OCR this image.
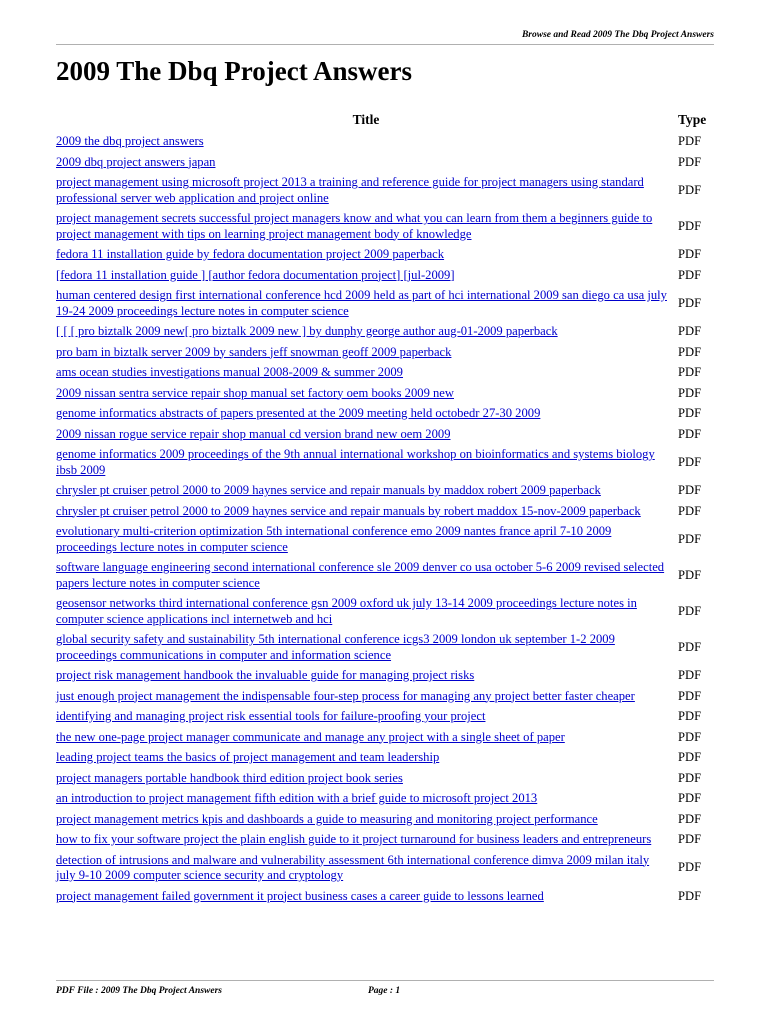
Browse and Read 2009 The Dbq Project Answers
2009 The Dbq Project Answers
Title	Type
2009 the dbq project answers	PDF
2009 dbq project answers japan	PDF
project management using microsoft project 2013 a training and reference guide for project managers using standard professional server web application and project online	PDF
project management secrets successful project managers know and what you can learn from them a beginners guide to project management with tips on learning project management body of knowledge	PDF
fedora 11 installation guide by fedora documentation project 2009 paperback	PDF
[fedora 11 installation guide ] [author fedora documentation project] [jul-2009]	PDF
human centered design first international conference hcd 2009 held as part of hci international 2009 san diego ca usa july 19-24 2009 proceedings lecture notes in computer science	PDF
[ [ [ pro biztalk 2009 new[ pro biztalk 2009 new ] by dunphy george author aug-01-2009 paperback	PDF
pro bam in biztalk server 2009 by sanders jeff snowman geoff 2009 paperback	PDF
ams ocean studies investigations manual 2008-2009 & summer 2009	PDF
2009 nissan sentra service repair shop manual set factory oem books 2009 new	PDF
genome informatics abstracts of papers presented at the 2009 meeting held octobedr 27-30 2009	PDF
2009 nissan rogue service repair shop manual cd version brand new oem 2009	PDF
genome informatics 2009 proceedings of the 9th annual international workshop on bioinformatics and systems biology ibsb 2009	PDF
chrysler pt cruiser petrol 2000 to 2009 haynes service and repair manuals by maddox robert 2009 paperback	PDF
chrysler pt cruiser petrol 2000 to 2009 haynes service and repair manuals by robert maddox 15-nov-2009 paperback	PDF
evolutionary multi-criterion optimization 5th international conference emo 2009 nantes france april 7-10 2009 proceedings lecture notes in computer science	PDF
software language engineering second international conference sle 2009 denver co usa october 5-6 2009 revised selected papers lecture notes in computer science	PDF
geosensor networks third international conference gsn 2009 oxford uk july 13-14 2009 proceedings lecture notes in computer science applications incl internetweb and hci	PDF
global security safety and sustainability 5th international conference icgs3 2009 london uk september 1-2 2009 proceedings communications in computer and information science	PDF
project risk management handbook the invaluable guide for managing project risks	PDF
just enough project management the indispensable four-step process for managing any project better faster cheaper	PDF
identifying and managing project risk essential tools for failure-proofing your project	PDF
the new one-page project manager communicate and manage any project with a single sheet of paper	PDF
leading project teams the basics of project management and team leadership	PDF
project managers portable handbook third edition project book series	PDF
an introduction to project management fifth edition with a brief guide to microsoft project 2013	PDF
project management metrics kpis and dashboards a guide to measuring and monitoring project performance	PDF
how to fix your software project the plain english guide to it project turnaround for business leaders and entrepreneurs	PDF
detection of intrusions and malware and vulnerability assessment 6th international conference dimva 2009 milan italy july 9-10 2009 computer science security and cryptology	PDF
project management failed government it project business cases a career guide to lessons learned	PDF
PDF File : 2009 The Dbq Project Answers	Page : 1
